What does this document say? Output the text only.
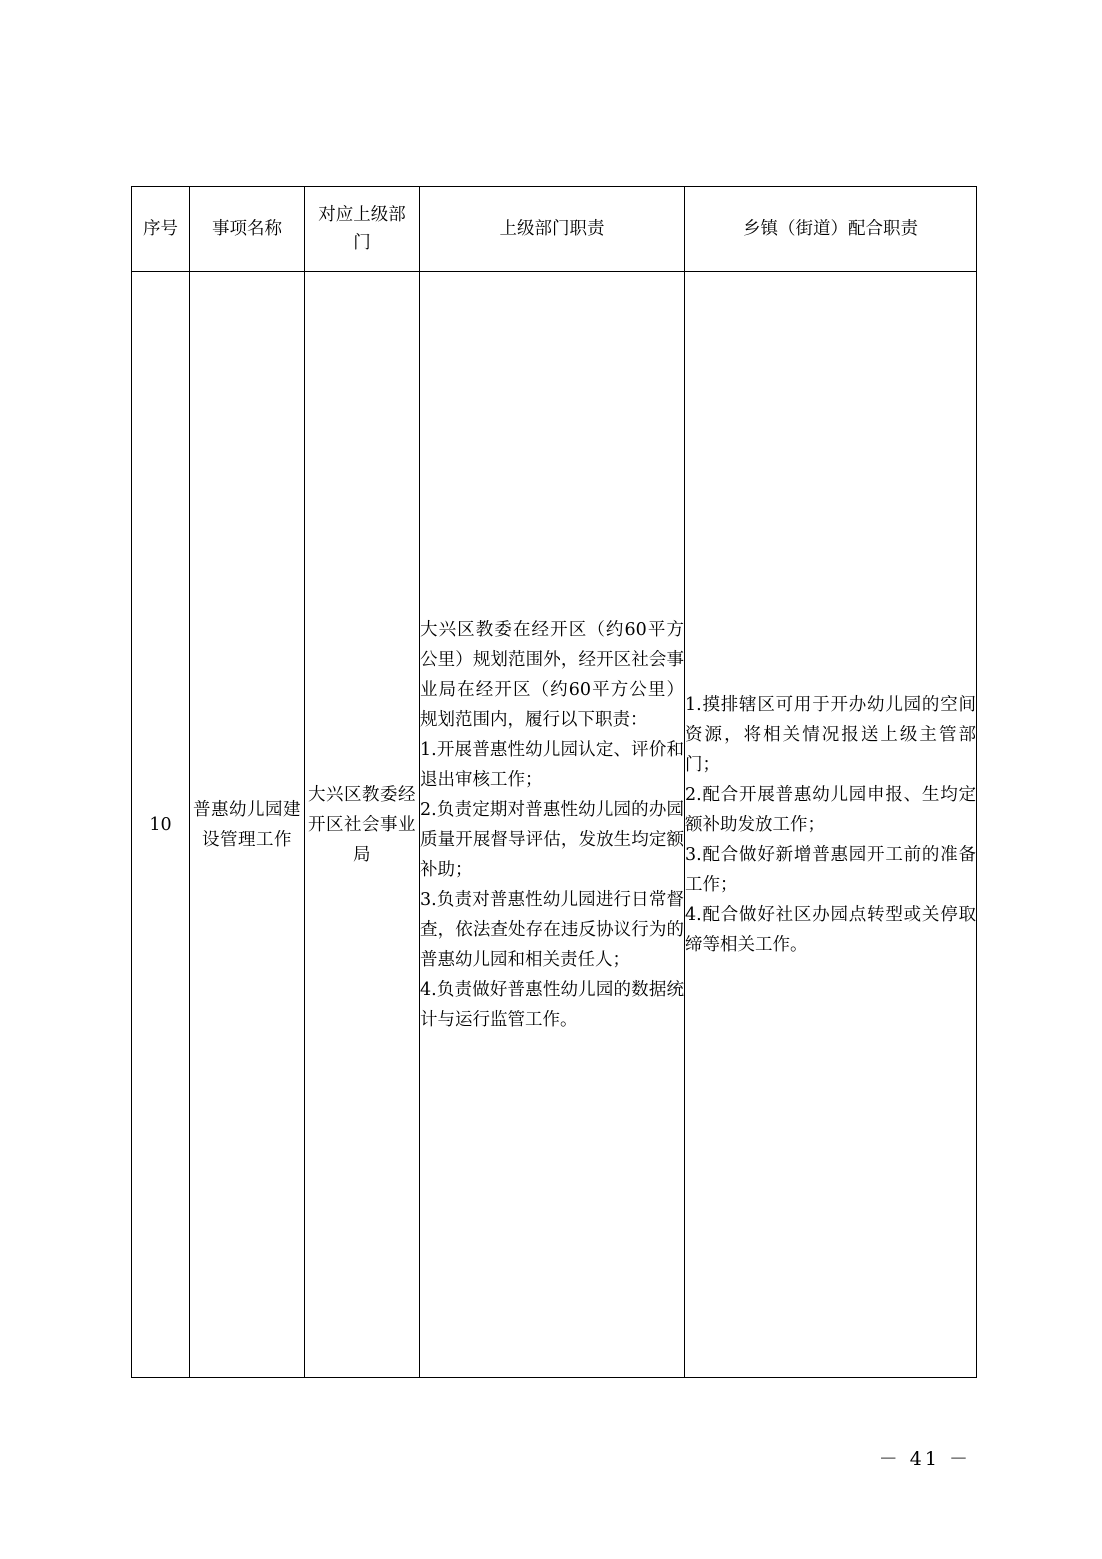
序号	事项名称	对应上级部门	上级部门职责	乡镇（街道）配合职责

10	普惠幼儿园建设管理工作	大兴区教委经开区社会事业局	大兴区教委在经开区（约60平方公里）规划范围外，经开区社会事业局在经开区（约60平方公里）规划范围内，履行以下职责：
1.开展普惠性幼儿园认定、评价和退出审核工作；
2.负责定期对普惠性幼儿园的办园质量开展督导评估，发放生均定额补助；
3.负责对普惠性幼儿园进行日常督查，依法查处存在违反协议行为的普惠幼儿园和相关责任人；
4.负责做好普惠性幼儿园的数据统计与运行监管工作。	1.摸排辖区可用于开办幼儿园的空间资源，将相关情况报送上级主管部门；
2.配合开展普惠幼儿园申报、生均定额补助发放工作；
3.配合做好新增普惠园开工前的准备工作；
4.配合做好社区办园点转型或关停取缔等相关工作。

－ 41 －
